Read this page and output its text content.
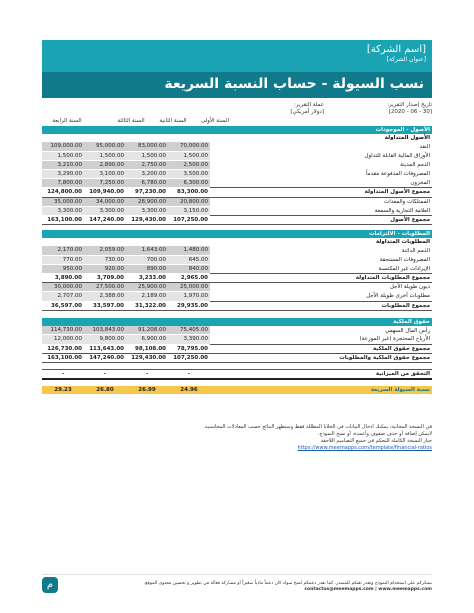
[اسم الشركة]
[عنوان الشركة]
نسب السيولة - حساب النسبة السريعة
تاريخ إصدار التقرير:
[30 - 06 - 2020]
عملة التقرير:
[دولار أمريكي]
السنة الأولى
السنة الثانية
السنة الثالثة
السنة الرابعة
الأصول - الموجودات				
				الأصول المتداولة
109,000.00	95,000.00	83,000.00	70,000.00	النقد
1,500.00	1,500.00	1,500.00	1,500.00	الأوراق المالية القابلة للتداول
3,210.00	2,890.00	2,750.00	2,500.00	الذمم المدينة
3,290.00	3,100.00	3,200.00	3,500.00	المصروفات المدفوعة مقدماً
7,800.00	7,250.00	6,780.00	6,300.00	المخزون
124,800.00	109,940.00	97,230.00	83,300.00	مجموع الأصول المتداولة
35,000.00	34,000.00	28,900.00	20,800.00	الممتلكات والمعدات
3,300.00	3,300.00	3,300.00	3,150.00	العلامة التجارية والسمعة
163,100.00	147,240.00	129,430.00	107,250.00	مجموع الأصول
المطلوبات - الالتزامات				
				المطلوبات المتداولة
2,170.00	2,059.00	1,643.00	1,480.00	الذمم الدائنة
770.00	730.00	700.00	645.00	المصروفات المستحقة
950.00	920.00	890.00	840.00	الإيرادات غير المكتسبة
3,890.00	3,709.00	3,233.00	2,965.00	مجموع المطلوبات المتداولة
30,000.00	27,500.00	25,900.00	25,000.00	ديون طويلة الأجل
2,707.00	2,388.00	2,189.00	1,970.00	مطلوبات أخرى طويلة الأجل
36,597.00	33,597.00	31,322.00	29,935.00	مجموع المطلوبات
حقوق الملكية				
114,730.00	103,843.00	91,208.00	75,405.00	رأس المال السهمي
12,000.00	9,800.00	6,900.00	3,390.00	الأرباح المحتجزة (غير الموزعة)
126,730.00	113,643.00	98,108.00	78,795.00	مجموع حقوق الملكية
163,100.00	147,240.00	129,430.00	107,250.00	مجموع حقوق الملكية والمطلوبات

-	-	-	-	التحقق من الميزانية

29.23	26.80	26.99	24.96	نسبة السيولة السريعة
في النسخة المجانية، يمكنك ادخال البيانات في الخلايا المظللة فقط وستظهر النتائج حسب المعادلات المحاسبية.
لايمكن إضافة أو حذف صفوف وأعمدة، أو نسخ النموذج.
خيار النسخة الكاملة للتحكم في جميع التصاميم اللاحقة
https://www.meemapps.com/template/financial-ratios
م	نشكركم على استخدام النموذج ونقدر ثقتكم للمصدر. كما نقدر دعمكم لمنح سواء كان دعماً مادياً صغيراً أو مشاركة فعالة في تطوير و تحسين محتوى الموقع.
contactus@meemapps.com | www.meemapps.com
